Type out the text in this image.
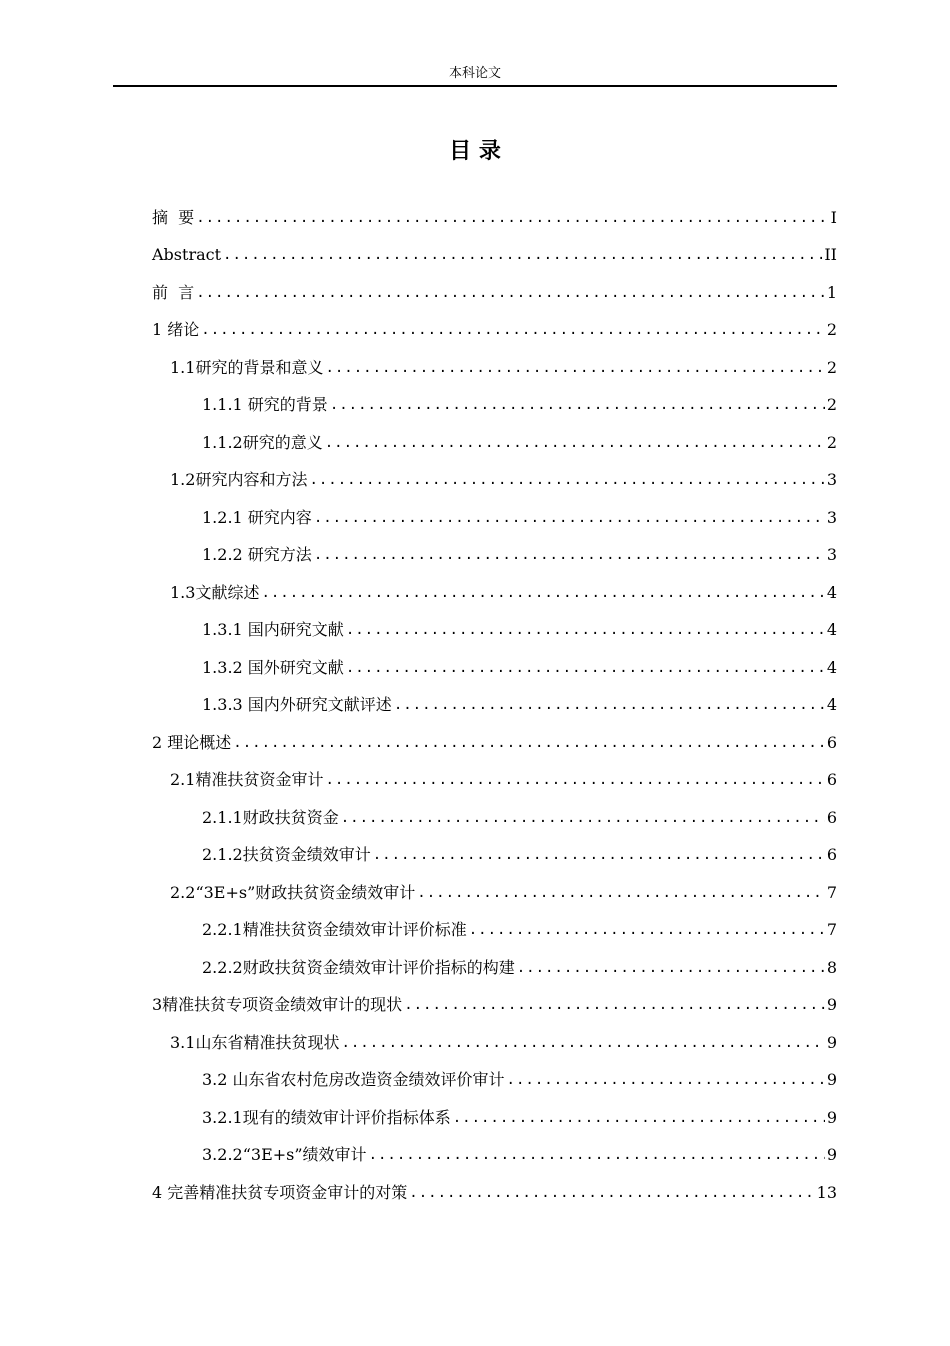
本科论文
目 录
摘  要 .....	I
Abstract .....	II
前  言 .....	1
1 绪论 .....	2
1.1研究的背景和意义 .....	2
1.1.1 研究的背景 .....	2
1.1.2研究的意义 .....	2
1.2研究内容和方法 .....	3
1.2.1 研究内容 .....	3
1.2.2 研究方法 .....	3
1.3文献综述 .....	4
1.3.1 国内研究文献 .....	4
1.3.2 国外研究文献 .....	4
1.3.3 国内外研究文献评述 .....	4
2 理论概述 .....	6
2.1精准扶贫资金审计 .....	6
2.1.1财政扶贫资金 .....	6
2.1.2扶贫资金绩效审计 .....	6
2.2“3E+s”财政扶贫资金绩效审计 .....	7
2.2.1精准扶贫资金绩效审计评价标准 .....	7
2.2.2财政扶贫资金绩效审计评价指标的构建 .....	8
3精准扶贫专项资金绩效审计的现状 .....	9
3.1山东省精准扶贫现状 .....	9
3.2 山东省农村危房改造资金绩效评价审计 .....	9
3.2.1现有的绩效审计评价指标体系 .....	9
3.2.2“3E+s”绩效审计 .....	9
4 完善精准扶贫专项资金审计的对策 .....	13
